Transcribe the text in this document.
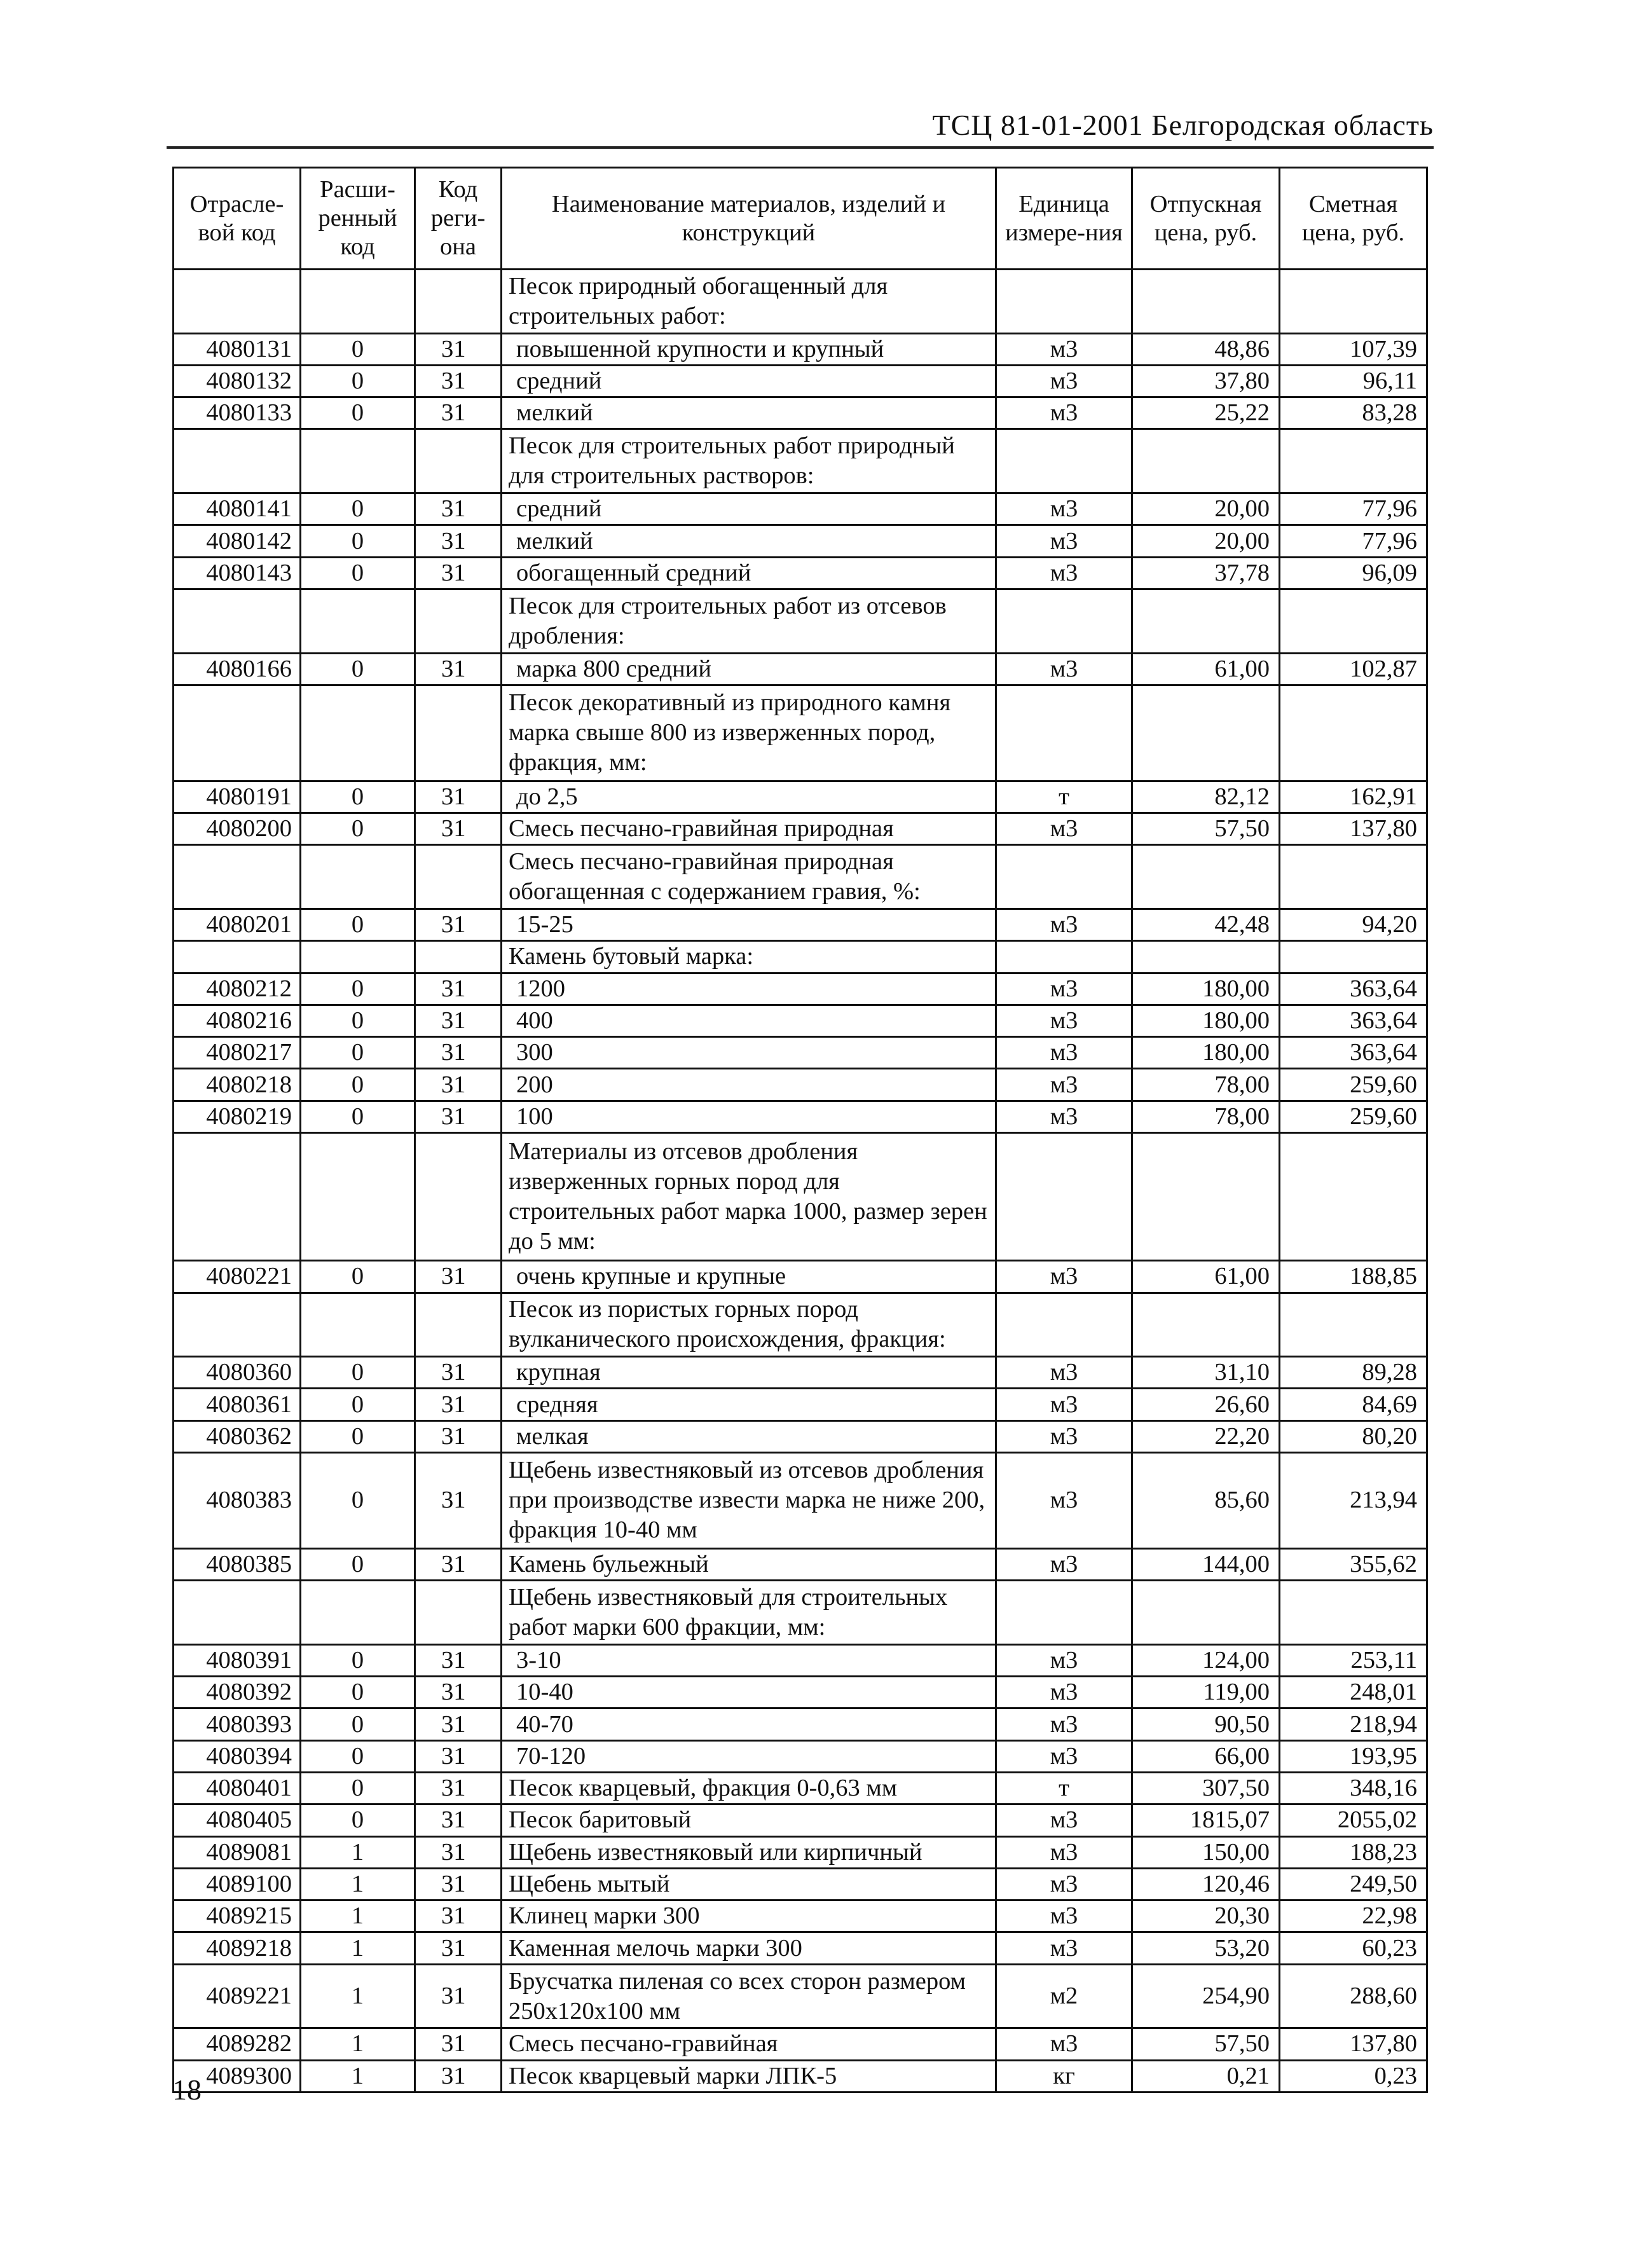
ТСЦ 81-01-2001 Белгородская область
Отрасле-вой код	Расши-ренный код	Код реги-она	Наименование материалов, изделий и конструкций	Единица измере-ния	Отпускная цена, руб.	Сметная цена, руб.
			Песок природный обогащенный для строительных работ:			
4080131	0	31	повышенной крупности и крупный	м3	48,86	107,39
4080132	0	31	средний	м3	37,80	96,11
4080133	0	31	мелкий	м3	25,22	83,28
			Песок для строительных работ природный для строительных растворов:			
4080141	0	31	средний	м3	20,00	77,96
4080142	0	31	мелкий	м3	20,00	77,96
4080143	0	31	обогащенный средний	м3	37,78	96,09
			Песок для строительных работ из отсевов дробления:			
4080166	0	31	марка 800 средний	м3	61,00	102,87
			Песок декоративный из природного камня марка свыше 800 из изверженных пород, фракция, мм:			
4080191	0	31	до 2,5	т	82,12	162,91
4080200	0	31	Смесь песчано-гравийная природная	м3	57,50	137,80
			Смесь песчано-гравийная природная обогащенная с содержанием гравия, %:			
4080201	0	31	15-25	м3	42,48	94,20
			Камень бутовый марка:			
4080212	0	31	1200	м3	180,00	363,64
4080216	0	31	400	м3	180,00	363,64
4080217	0	31	300	м3	180,00	363,64
4080218	0	31	200	м3	78,00	259,60
4080219	0	31	100	м3	78,00	259,60
			Материалы из отсевов дробления изверженных горных пород для строительных работ марка 1000, размер зерен до 5 мм:			
4080221	0	31	очень крупные и крупные	м3	61,00	188,85
			Песок из пористых горных пород вулканического происхождения, фракция:			
4080360	0	31	крупная	м3	31,10	89,28
4080361	0	31	средняя	м3	26,60	84,69
4080362	0	31	мелкая	м3	22,20	80,20
4080383	0	31	Щебень известняковый из отсевов дробления при производстве извести марка не ниже 200, фракция 10-40 мм	м3	85,60	213,94
4080385	0	31	Камень бульежный	м3	144,00	355,62
			Щебень известняковый для строительных работ марки 600 фракции, мм:			
4080391	0	31	3-10	м3	124,00	253,11
4080392	0	31	10-40	м3	119,00	248,01
4080393	0	31	40-70	м3	90,50	218,94
4080394	0	31	70-120	м3	66,00	193,95
4080401	0	31	Песок кварцевый, фракция 0-0,63 мм	т	307,50	348,16
4080405	0	31	Песок баритовый	м3	1815,07	2055,02
4089081	1	31	Щебень известняковый или кирпичный	м3	150,00	188,23
4089100	1	31	Щебень мытый	м3	120,46	249,50
4089215	1	31	Клинец марки 300	м3	20,30	22,98
4089218	1	31	Каменная мелочь марки 300	м3	53,20	60,23
4089221	1	31	Брусчатка пиленая со всех сторон размером 250x120x100 мм	м2	254,90	288,60
4089282	1	31	Смесь песчано-гравийная	м3	57,50	137,80
4089300	1	31	Песок кварцевый марки ЛПК-5	кг	0,21	0,23
18
